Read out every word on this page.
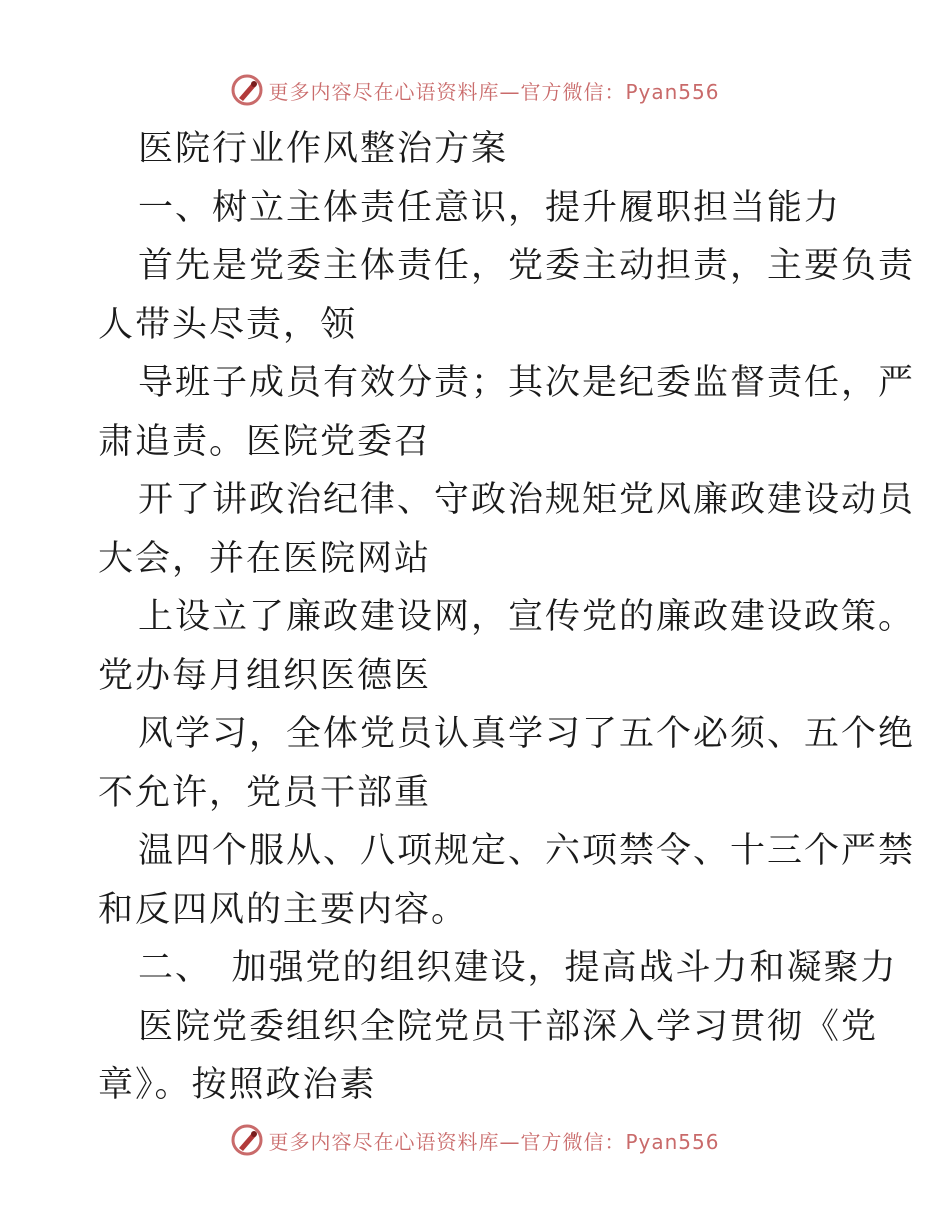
更多内容尽在心语资料库—官方微信：Pyan556
医院行业作风整治方案
一、树立主体责任意识，提升履职担当能力
首先是党委主体责任，党委主动担责，主要负责
人带头尽责，领
导班子成员有效分责；其次是纪委监督责任，严
肃追责。医院党委召
开了讲政治纪律、守政治规矩党风廉政建设动员
大会，并在医院网站
上设立了廉政建设网，宣传党的廉政建设政策。
党办每月组织医德医
风学习，全体党员认真学习了五个必须、五个绝
不允许，党员干部重
温四个服从、八项规定、六项禁令、十三个严禁
和反四风的主要内容。
二、　加强党的组织建设，提高战斗力和凝聚力
医院党委组织全院党员干部深入学习贯彻《党
章》。按照政治素
更多内容尽在心语资料库—官方微信：Pyan556
